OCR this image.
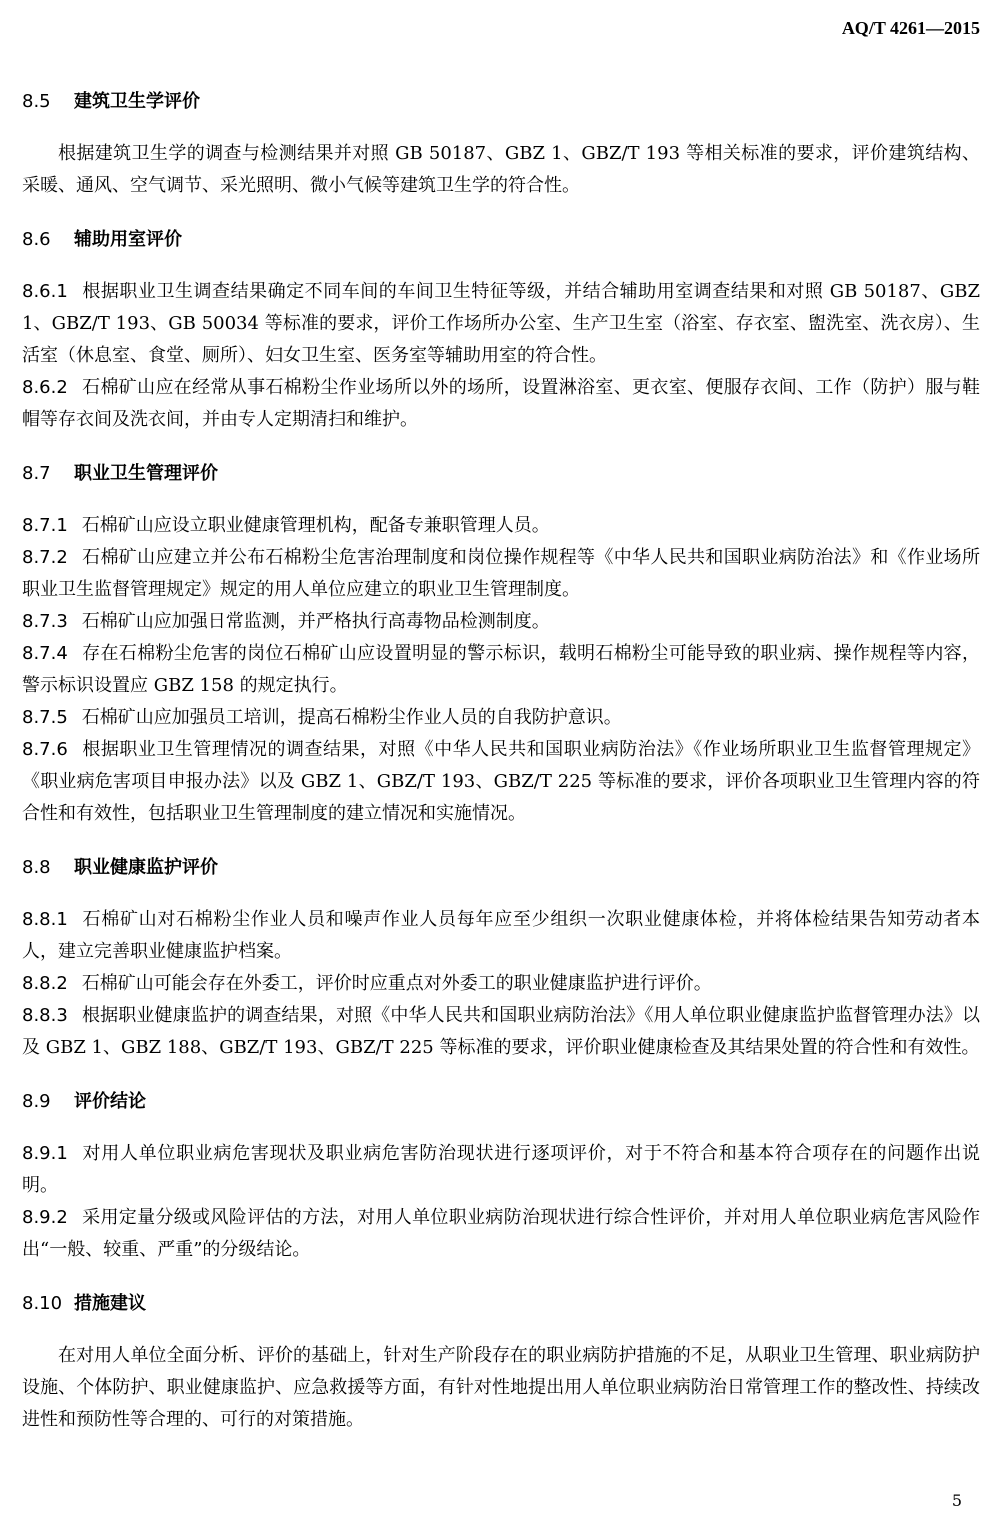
AQ/T 4261—2015
8.5 建筑卫生学评价

根据建筑卫生学的调查与检测结果并对照 GB 50187、GBZ 1、GBZ/T 193 等相关标准的要求，评价建筑结构、采暖、通风、空气调节、采光照明、微小气候等建筑卫生学的符合性。

8.6 辅助用室评价

8.6.1 根据职业卫生调查结果确定不同车间的车间卫生特征等级，并结合辅助用室调查结果和对照 GB 50187、GBZ 1、GBZ/T 193、GB 50034 等标准的要求，评价工作场所办公室、生产卫生室（浴室、存衣室、盥洗室、洗衣房）、生活室（休息室、食堂、厕所）、妇女卫生室、医务室等辅助用室的符合性。

8.6.2 石棉矿山应在经常从事石棉粉尘作业场所以外的场所，设置淋浴室、更衣室、便服存衣间、工作（防护）服与鞋帽等存衣间及洗衣间，并由专人定期清扫和维护。

8.7 职业卫生管理评价

8.7.1 石棉矿山应设立职业健康管理机构，配备专兼职管理人员。

8.7.2 石棉矿山应建立并公布石棉粉尘危害治理制度和岗位操作规程等《中华人民共和国职业病防治法》和《作业场所职业卫生监督管理规定》规定的用人单位应建立的职业卫生管理制度。

8.7.3 石棉矿山应加强日常监测，并严格执行高毒物品检测制度。

8.7.4 存在石棉粉尘危害的岗位石棉矿山应设置明显的警示标识，载明石棉粉尘可能导致的职业病、操作规程等内容，警示标识设置应 GBZ 158 的规定执行。

8.7.5 石棉矿山应加强员工培训，提高石棉粉尘作业人员的自我防护意识。

8.7.6 根据职业卫生管理情况的调查结果，对照《中华人民共和国职业病防治法》《作业场所职业卫生监督管理规定》《职业病危害项目申报办法》以及 GBZ 1、GBZ/T 193、GBZ/T 225 等标准的要求，评价各项职业卫生管理内容的符合性和有效性，包括职业卫生管理制度的建立情况和实施情况。

8.8 职业健康监护评价

8.8.1 石棉矿山对石棉粉尘作业人员和噪声作业人员每年应至少组织一次职业健康体检，并将体检结果告知劳动者本人，建立完善职业健康监护档案。

8.8.2 石棉矿山可能会存在外委工，评价时应重点对外委工的职业健康监护进行评价。

8.8.3 根据职业健康监护的调查结果，对照《中华人民共和国职业病防治法》《用人单位职业健康监护监督管理办法》以及 GBZ 1、GBZ 188、GBZ/T 193、GBZ/T 225 等标准的要求，评价职业健康检查及其结果处置的符合性和有效性。

8.9 评价结论

8.9.1 对用人单位职业病危害现状及职业病危害防治现状进行逐项评价，对于不符合和基本符合项存在的问题作出说明。

8.9.2 采用定量分级或风险评估的方法，对用人单位职业病防治现状进行综合性评价，并对用人单位职业病危害风险作出“一般、较重、严重”的分级结论。

8.10 措施建议

在对用人单位全面分析、评价的基础上，针对生产阶段存在的职业病防护措施的不足，从职业卫生管理、职业病防护设施、个体防护、职业健康监护、应急救援等方面，有针对性地提出用人单位职业病防治日常管理工作的整改性、持续改进性和预防性等合理的、可行的对策措施。

5
